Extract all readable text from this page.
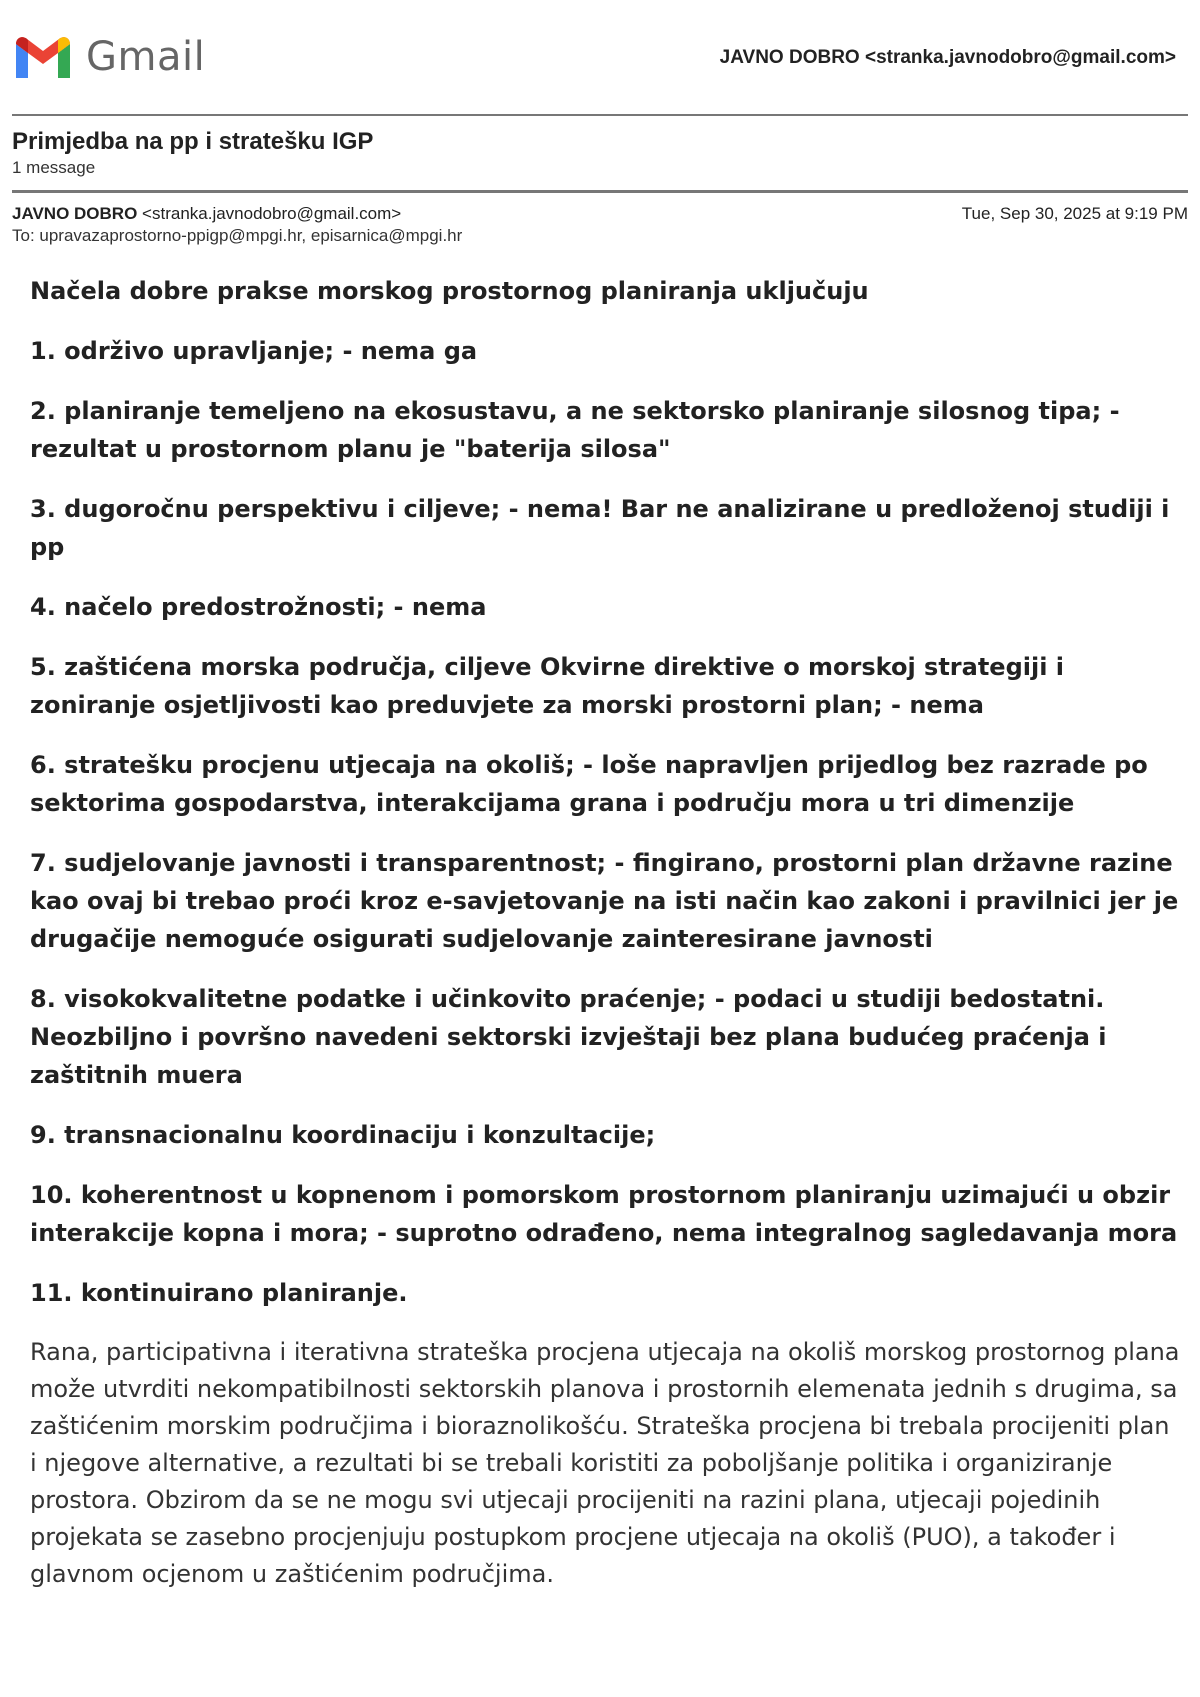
Gmail	JAVNO DOBRO <stranka.javnodobro@gmail.com>
Primjedba na pp i stratešku IGP
1 message
JAVNO DOBRO <stranka.javnodobro@gmail.com>
To: upravazaprostorno-ppigp@mpgi.hr, episarnica@mpgi.hr
Tue, Sep 30, 2025 at 9:19 PM
Načela dobre prakse morskog prostornog planiranja uključuju
1. održivo upravljanje; - nema ga
2. planiranje temeljeno na ekosustavu, a ne sektorsko planiranje silosnog tipa; - rezultat u prostornom planu je "baterija silosa"
3. dugoročnu perspektivu i ciljeve; - nema! Bar ne analizirane u predloženoj studiji i pp
4. načelo predostrožnosti; - nema
5. zaštićena morska područja, ciljeve Okvirne direktive o morskoj strategiji i zoniranje osjetljivosti kao preduvjete za morski prostorni plan; - nema
6. stratešku procjenu utjecaja na okoliš; - loše napravljen prijedlog bez razrade po sektorima gospodarstva, interakcijama grana i području mora u tri dimenzije
7. sudjelovanje javnosti i transparentnost; - fingirano, prostorni plan državne razine kao ovaj bi trebao proći kroz e-savjetovanje na isti način kao zakoni i pravilnici jer je drugačije nemoguće osigurati sudjelovanje zainteresirane javnosti
8. visokokvalitetne podatke i učinkovito praćenje; - podaci u studiji bedostatni. Neozbiljno i površno navedeni sektorski izvještaji bez plana budućeg praćenja i zaštitnih muera
9. transnacionalnu koordinaciju i konzultacije;
10. koherentnost u kopnenom i pomorskom prostornom planiranju uzimajući u obzir interakcije kopna i mora; - suprotno odrađeno, nema integralnog sagledavanja mora
11. kontinuirano planiranje.
Rana, participativna i iterativna strateška procjena utjecaja na okoliš morskog prostornog plana može utvrditi nekompatibilnosti sektorskih planova i prostornih elemenata jednih s drugima, sa zaštićenim morskim područjima i bioraznolikošću. Strateška procjena bi trebala procijeniti plan i njegove alternative, a rezultati bi se trebali koristiti za poboljšanje politika i organiziranje prostora. Obzirom da se ne mogu svi utjecaji procijeniti na razini plana, utjecaji pojedinih projekata se zasebno procjenjuju postupkom procjene utjecaja na okoliš (PUO), a također i glavnom ocjenom u zaštićenim područjima.
